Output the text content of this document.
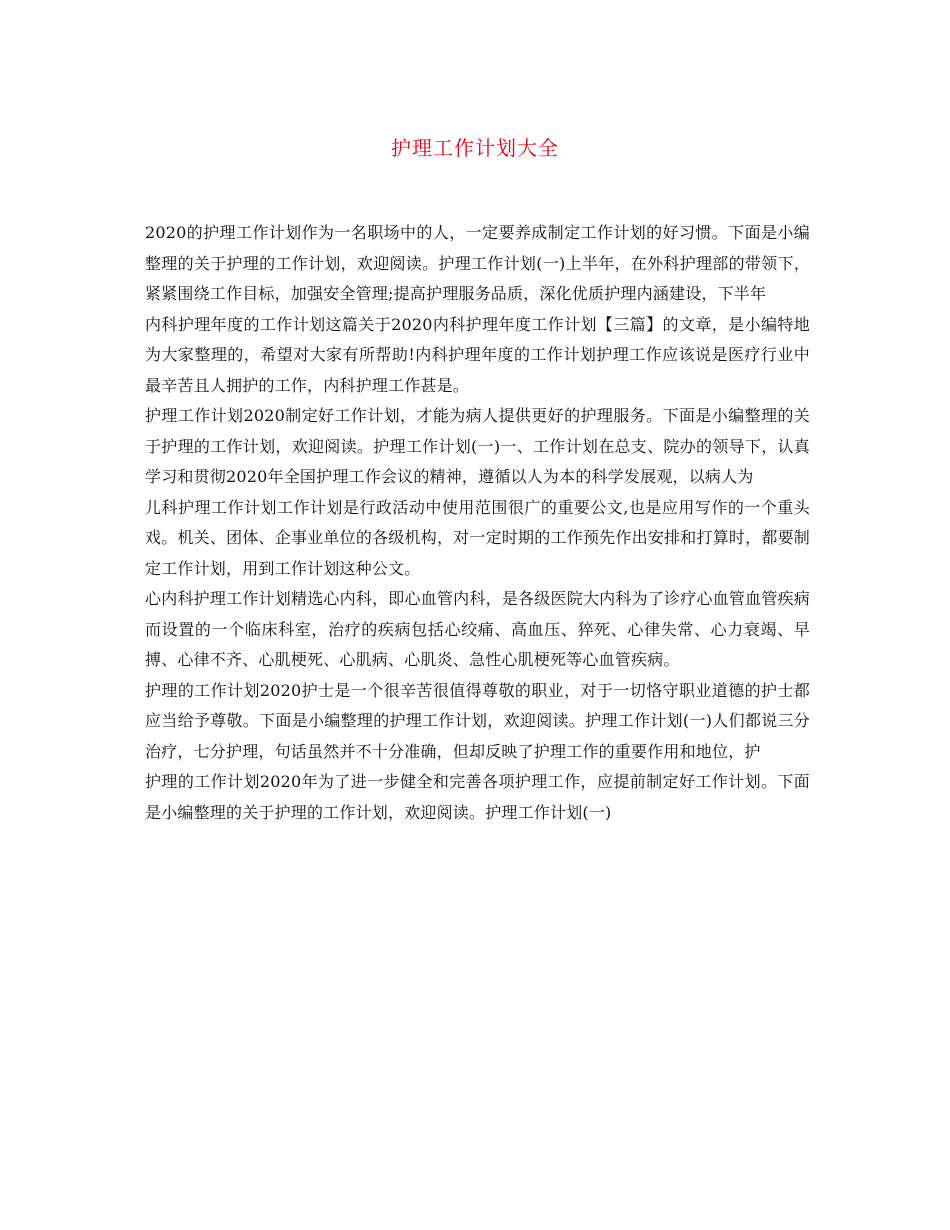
护理工作计划大全

2020的护理工作计划作为一名职场中的人，一定要养成制定工作计划的好习惯。下面是小编整理的关于护理的工作计划，欢迎阅读。护理工作计划(一)上半年，在外科护理部的带领下，紧紧围绕工作目标，加强安全管理;提高护理服务品质，深化优质护理内涵建设，下半年

内科护理年度的工作计划这篇关于2020内科护理年度工作计划【三篇】的文章，是小编特地为大家整理的，希望对大家有所帮助!内科护理年度的工作计划护理工作应该说是医疗行业中最辛苦且人拥护的工作，内科护理工作甚是。

护理工作计划2020制定好工作计划，才能为病人提供更好的护理服务。下面是小编整理的关于护理的工作计划，欢迎阅读。护理工作计划(一)一、工作计划在总支、院办的领导下，认真学习和贯彻2020年全国护理工作会议的精神，遵循以人为本的科学发展观，以病人为

儿科护理工作计划工作计划是行政活动中使用范围很广的重要公文,也是应用写作的一个重头戏。机关、团体、企事业单位的各级机构，对一定时期的工作预先作出安排和打算时，都要制定工作计划，用到工作计划这种公文。

心内科护理工作计划精选心内科，即心血管内科，是各级医院大内科为了诊疗心血管血管疾病而设置的一个临床科室，治疗的疾病包括心绞痛、高血压、猝死、心律失常、心力衰竭、早搏、心律不齐、心肌梗死、心肌病、心肌炎、急性心肌梗死等心血管疾病。

护理的工作计划2020护士是一个很辛苦很值得尊敬的职业，对于一切恪守职业道德的护士都应当给予尊敬。下面是小编整理的护理工作计划，欢迎阅读。护理工作计划(一)人们都说三分治疗，七分护理，句话虽然并不十分准确，但却反映了护理工作的重要作用和地位，护

护理的工作计划2020年为了进一步健全和完善各项护理工作，应提前制定好工作计划。下面是小编整理的关于护理的工作计划，欢迎阅读。护理工作计划(一)
